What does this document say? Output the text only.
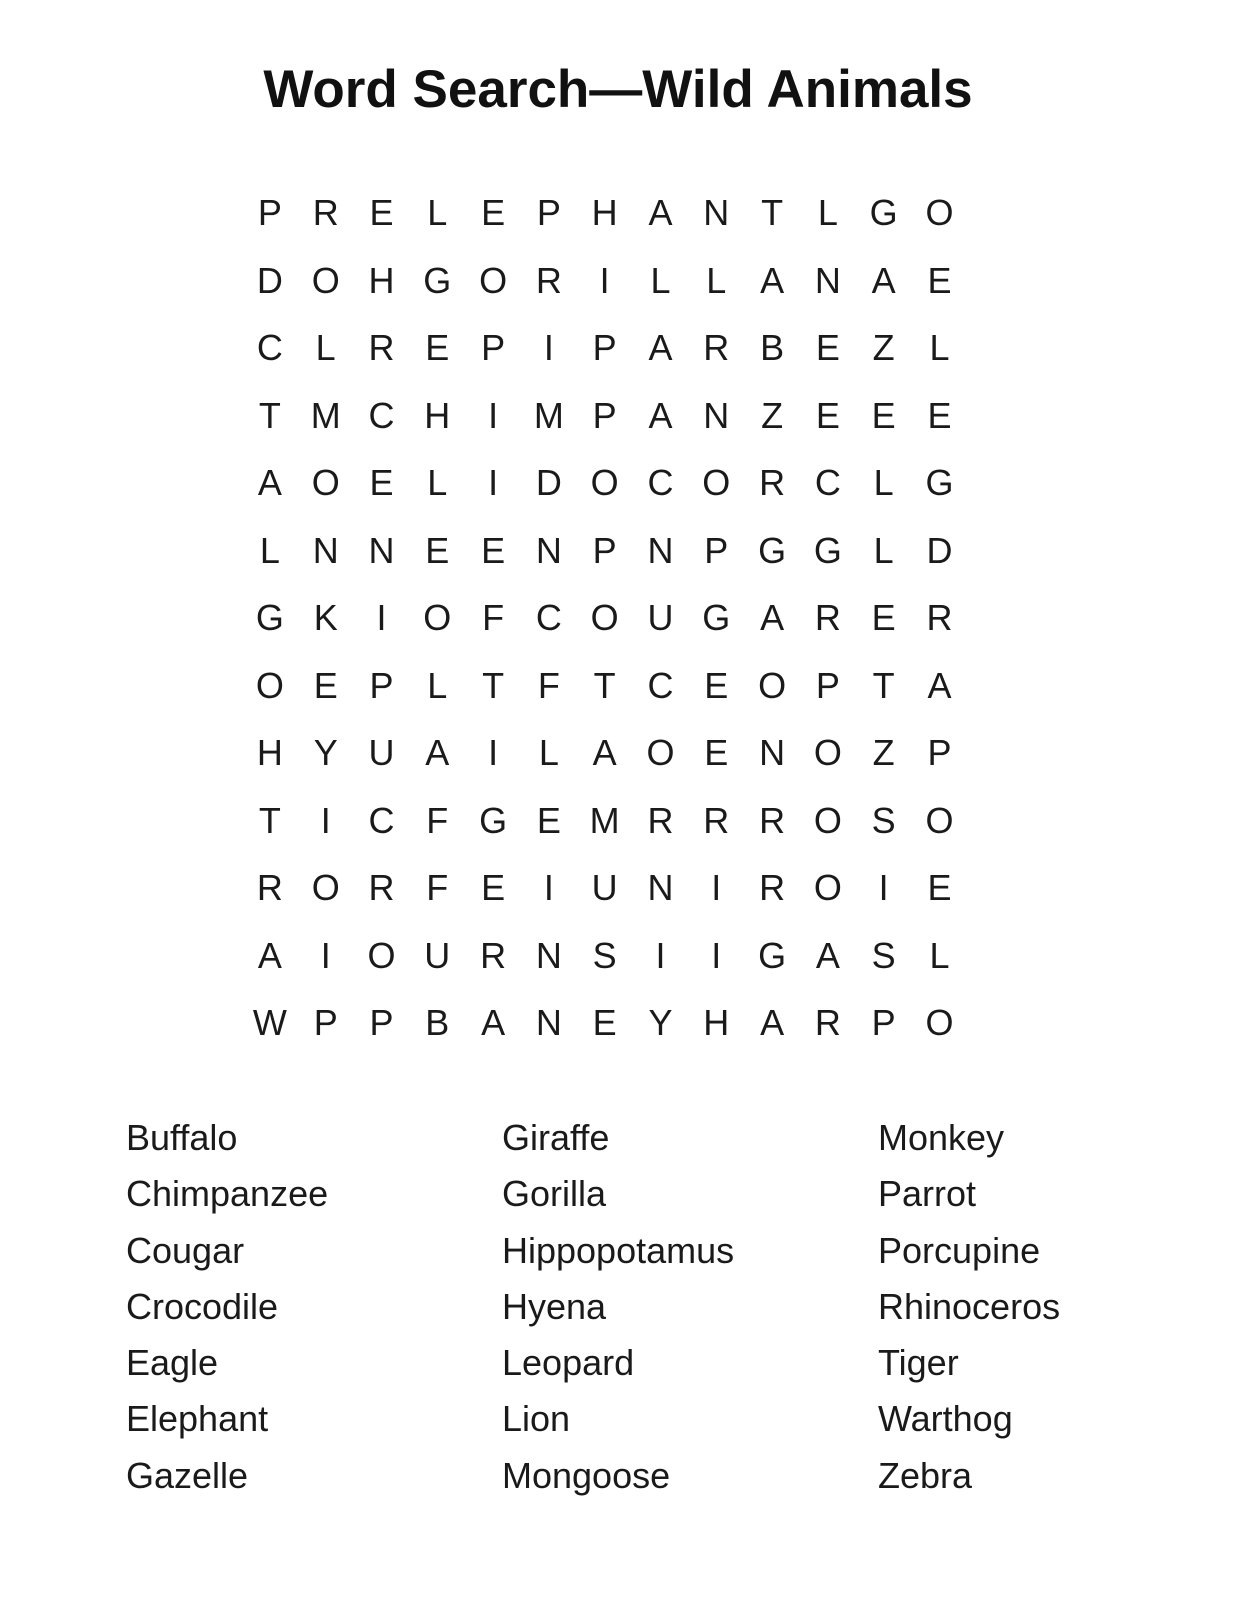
Word Search—Wild Animals
P R E L E P H A N T L G O
D O H G O R	I	L L A N A E
C L R E P	I	P A R B E Z L
T M C H	I M P A N Z E E E
A O E L	I	D O C O R C L G
L N N E E N P N P G G L D
G K	I	O F C O U G A R E R
O E P L T F T C E O P T A
H Y U A	I	L A O E N O Z P
T	I	C F G E M R R R O S O
R O R F E	I	U N	I	R O	I	E
A	I	O U R N S	I	I	G A S L
W P P B A N E Y H A R P O
Buffalo
Chimpanzee
Cougar
Crocodile
Eagle
Elephant
Gazelle
Giraffe
Gorilla
Hippopotamus
Hyena
Leopard
Lion
Mongoose
Monkey
Parrot
Porcupine
Rhinoceros
Tiger
Warthog
Zebra
